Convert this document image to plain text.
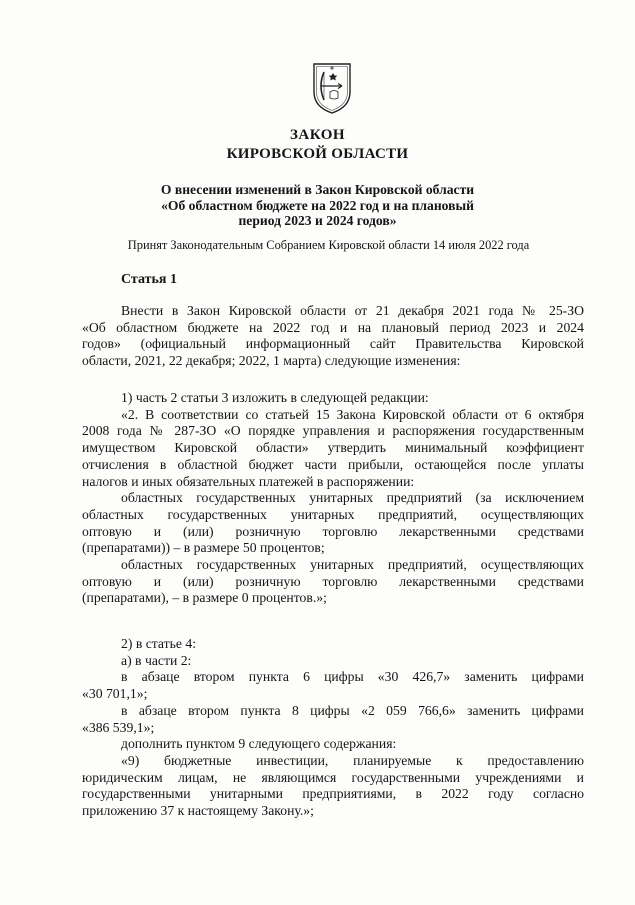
ЗАКОН
КИРОВСКОЙ ОБЛАСТИ
О внесении изменений в Закон Кировской области
«Об областном бюджете на 2022 год и на плановый
период 2023 и 2024 годов»
Принят Законодательным Собранием Кировской области 14 июля 2022 года
Статья 1
Внести в Закон Кировской области от 21 декабря 2021 года № 25-ЗО
«Об областном бюджете на 2022 год и на плановый период 2023 и 2024
годов» (официальный информационный сайт Правительства Кировской
области, 2021, 22 декабря; 2022, 1 марта) следующие изменения:
1) часть 2 статьи 3 изложить в следующей редакции:
«2. В соответствии со статьей 15 Закона Кировской области от 6 октября
2008 года № 287-ЗО «О порядке управления и распоряжения государственным
имуществом Кировской области» утвердить минимальный коэффициент
отчисления в областной бюджет части прибыли, остающейся после уплаты
налогов и иных обязательных платежей в распоряжении:
областных государственных унитарных предприятий (за исключением
областных государственных унитарных предприятий, осуществляющих
оптовую и (или) розничную торговлю лекарственными средствами
(препаратами)) – в размере 50 процентов;
областных государственных унитарных предприятий, осуществляющих
оптовую и (или) розничную торговлю лекарственными средствами
(препаратами), – в размере 0 процентов.»;
2) в статье 4:
а) в части 2:
в абзаце втором пункта 6 цифры «30 426,7» заменить цифрами
«30 701,1»;
в абзаце втором пункта 8 цифры «2 059 766,6» заменить цифрами
«386 539,1»;
дополнить пунктом 9 следующего содержания:
«9) бюджетные инвестиции, планируемые к предоставлению
юридическим лицам, не являющимся государственными учреждениями и
государственными унитарными предприятиями, в 2022 году согласно
приложению 37 к настоящему Закону.»;
